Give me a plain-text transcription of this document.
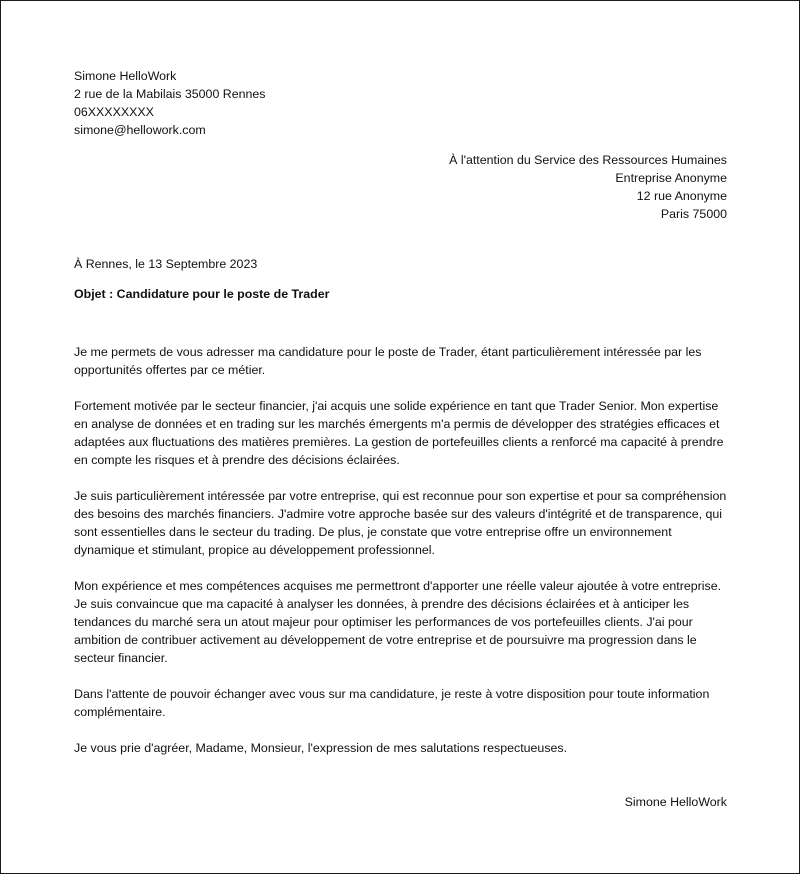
Simone HelloWork
2 rue de la Mabilais 35000 Rennes
06XXXXXXXX
simone@hellowork.com
À l'attention du Service des Ressources Humaines
Entreprise Anonyme
12 rue Anonyme
Paris 75000
À Rennes, le 13 Septembre 2023
Objet : Candidature pour le poste de Trader

Je me permets de vous adresser ma candidature pour le poste de Trader, étant particulièrement intéressée par les opportunités offertes par ce métier.

Fortement motivée par le secteur financier, j'ai acquis une solide expérience en tant que Trader Senior. Mon expertise en analyse de données et en trading sur les marchés émergents m'a permis de développer des stratégies efficaces et adaptées aux fluctuations des matières premières. La gestion de portefeuilles clients a renforcé ma capacité à prendre en compte les risques et à prendre des décisions éclairées.

Je suis particulièrement intéressée par votre entreprise, qui est reconnue pour son expertise et pour sa compréhension des besoins des marchés financiers. J'admire votre approche basée sur des valeurs d'intégrité et de transparence, qui sont essentielles dans le secteur du trading. De plus, je constate que votre entreprise offre un environnement dynamique et stimulant, propice au développement professionnel.

Mon expérience et mes compétences acquises me permettront d'apporter une réelle valeur ajoutée à votre entreprise. Je suis convaincue que ma capacité à analyser les données, à prendre des décisions éclairées et à anticiper les tendances du marché sera un atout majeur pour optimiser les performances de vos portefeuilles clients. J'ai pour ambition de contribuer activement au développement de votre entreprise et de poursuivre ma progression dans le secteur financier.

Dans l'attente de pouvoir échanger avec vous sur ma candidature, je reste à votre disposition pour toute information complémentaire.

Je vous prie d'agréer, Madame, Monsieur, l'expression de mes salutations respectueuses.

Simone HelloWork
